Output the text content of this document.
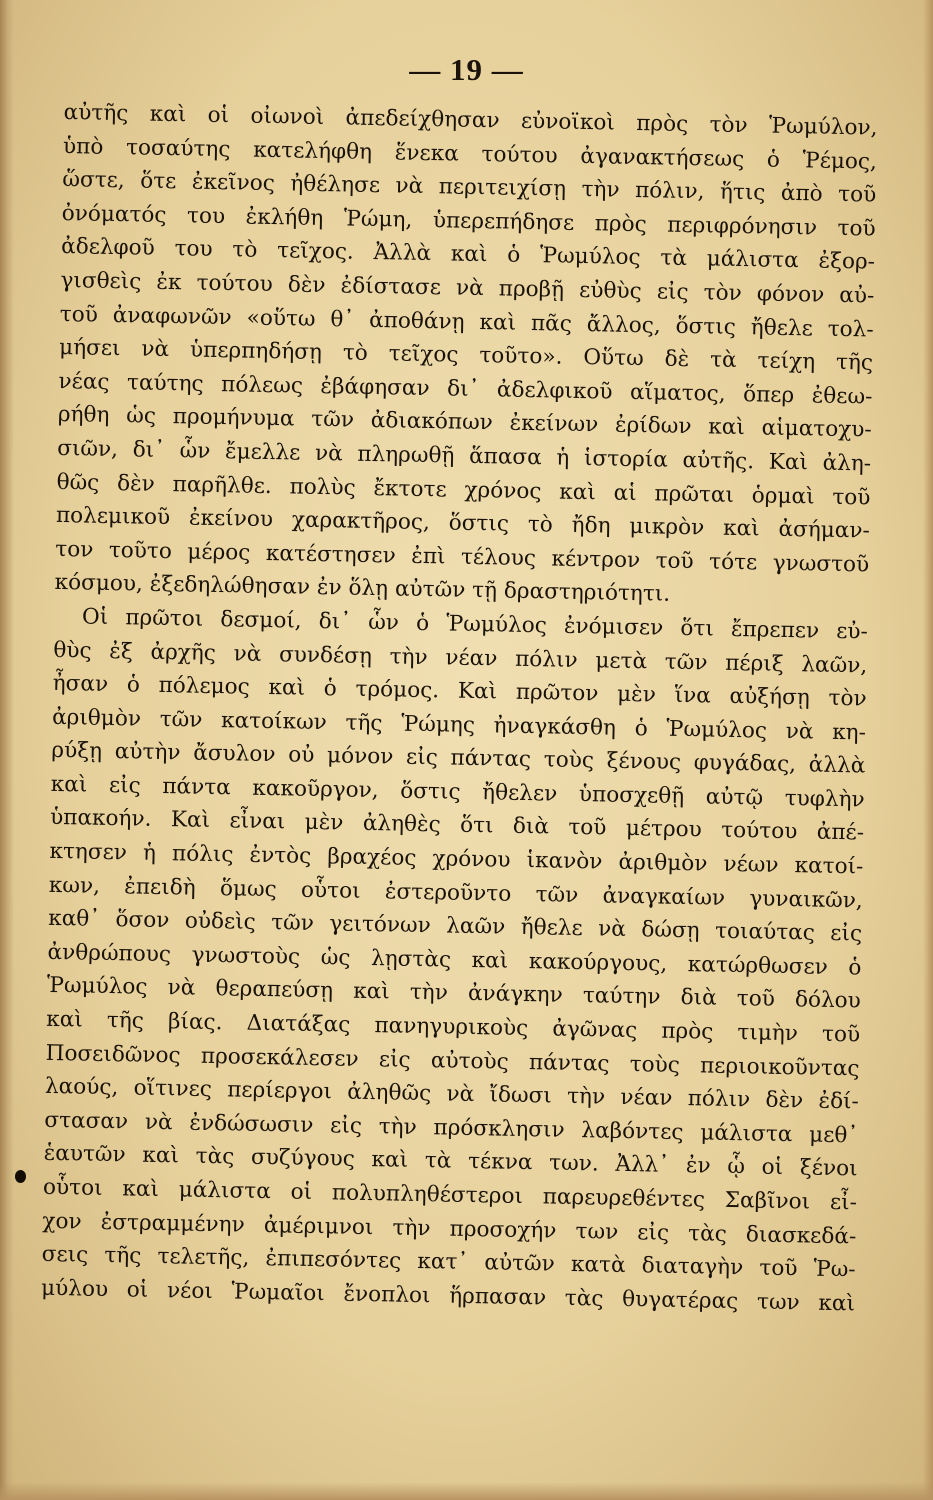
— 19 —
αὐτῆς καὶ οἱ οἰωνοὶ ἀπεδείχθησαν εὐνοϊκοὶ πρὸς τὸν Ῥωμύλον,
ὑπὸ τοσαύτης κατελήφθη ἕνεκα τούτου ἀγανακτήσεως ὁ Ῥέμος,
ὥστε, ὅτε ἐκεῖνος ἠθέλησε νὰ περιτειχίσῃ τὴν πόλιν, ἥτις ἀπὸ τοῦ
ὀνόματός του ἐκλήθη Ῥώμη, ὑπερεπήδησε πρὸς περιφρόνησιν τοῦ
ἀδελφοῦ του τὸ τεῖχος. Ἀλλὰ καὶ ὁ Ῥωμύλος τὰ μάλιστα ἐξορ-
γισθεὶς ἐκ τούτου δὲν ἐδίστασε νὰ προβῇ εὐθὺς εἰς τὸν φόνον αὐ-
τοῦ ἀναφωνῶν «οὕτω θ᾽ ἀποθάνῃ καὶ πᾶς ἄλλος, ὅστις ἤθελε τολ-
μήσει νὰ ὑπερπηδήσῃ τὸ τεῖχος τοῦτο». Οὕτω δὲ τὰ τείχη τῆς
νέας ταύτης πόλεως ἐβάφησαν δι᾽ ἀδελφικοῦ αἵματος, ὅπερ ἐθεω-
ρήθη ὡς προμήνυμα τῶν ἀδιακόπων ἐκείνων ἐρίδων καὶ αἱματοχυ-
σιῶν, δι᾽ ὧν ἔμελλε νὰ πληρωθῇ ἅπασα ἡ ἱστορία αὐτῆς. Καὶ ἀλη-
θῶς δὲν παρῆλθε. πολὺς ἔκτοτε χρόνος καὶ αἱ πρῶται ὁρμαὶ τοῦ
πολεμικοῦ ἐκείνου χαρακτῆρος, ὅστις τὸ ἤδη μικρὸν καὶ ἀσήμαν-
τον τοῦτο μέρος κατέστησεν ἐπὶ τέλους κέντρον τοῦ τότε γνωστοῦ
κόσμου, ἐξεδηλώθησαν ἐν ὅλῃ αὐτῶν τῇ δραστηριότητι.
Οἱ πρῶτοι δεσμοί, δι᾽ ὧν ὁ Ῥωμύλος ἐνόμισεν ὅτι ἔπρεπεν εὐ-
θὺς ἐξ ἀρχῆς νὰ συνδέσῃ τὴν νέαν πόλιν μετὰ τῶν πέριξ λαῶν,
ἦσαν ὁ πόλεμος καὶ ὁ τρόμος. Καὶ πρῶτον μὲν ἵνα αὐξήσῃ τὸν
ἀριθμὸν τῶν κατοίκων τῆς Ῥώμης ἠναγκάσθη ὁ Ῥωμύλος νὰ κη-
ρύξῃ αὐτὴν ἄσυλον οὐ μόνον εἰς πάντας τοὺς ξένους φυγάδας, ἀλλὰ
καὶ εἰς πάντα κακοῦργον, ὅστις ἤθελεν ὑποσχεθῇ αὐτῷ τυφλὴν
ὑπακοήν. Καὶ εἶναι μὲν ἀληθὲς ὅτι διὰ τοῦ μέτρου τούτου ἀπέ-
κτησεν ἡ πόλις ἐντὸς βραχέος χρόνου ἱκανὸν ἀριθμὸν νέων κατοί-
κων, ἐπειδὴ ὅμως οὗτοι ἐστεροῦντο τῶν ἀναγκαίων γυναικῶν,
καθ᾽ ὅσον οὐδεὶς τῶν γειτόνων λαῶν ἤθελε νὰ δώσῃ τοιαύτας εἰς
ἀνθρώπους γνωστοὺς ὡς λῃστὰς καὶ κακούργους, κατώρθωσεν ὁ
Ῥωμύλος νὰ θεραπεύσῃ καὶ τὴν ἀνάγκην ταύτην διὰ τοῦ δόλου
καὶ τῆς βίας. Διατάξας πανηγυρικοὺς ἀγῶνας πρὸς τιμὴν τοῦ
Ποσειδῶνος προσεκάλεσεν εἰς αὐτοὺς πάντας τοὺς περιοικοῦντας
λαούς, οἵτινες περίεργοι ἀληθῶς νὰ ἴδωσι τὴν νέαν πόλιν δὲν ἐδί-
στασαν νὰ ἐνδώσωσιν εἰς τὴν πρόσκλησιν λαβόντες μάλιστα μεθ᾽
ἑαυτῶν καὶ τὰς συζύγους καὶ τὰ τέκνα των. Ἀλλ᾽ ἐν ᾧ οἱ ξένοι
οὗτοι καὶ μάλιστα οἱ πολυπληθέστεροι παρευρεθέντες Σαβῖνοι εἶ-
χον ἐστραμμένην ἀμέριμνοι τὴν προσοχήν των εἰς τὰς διασκεδά-
σεις τῆς τελετῆς, ἐπιπεσόντες κατ᾽ αὐτῶν κατὰ διαταγὴν τοῦ Ῥω-
μύλου οἱ νέοι Ῥωμαῖοι ἔνοπλοι ἥρπασαν τὰς θυγατέρας των καὶ
